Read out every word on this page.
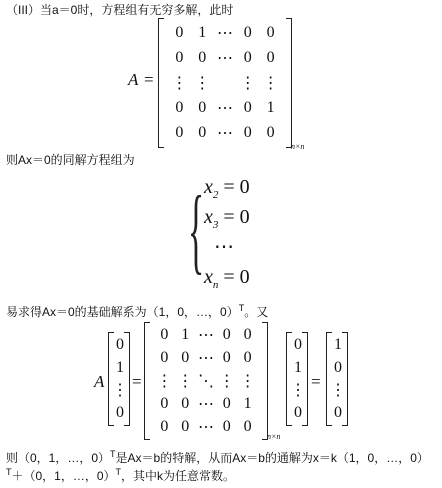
（III）当a＝0时，方程组有无穷多解，此时
A =
0 1 ⋯ 0 0
0 0 ⋯ 0 0
⋮ ⋮ ⋮ ⋮
0 0 ⋯ 0 1
0 0 ⋯ 0 0
n×n
则Ax＝0的同解方程组为
{ $x_2 = 0$
$x_3 = 0$
⋯
$x_n = 0$
易求得Ax＝0的基础解系为（1，0，…，0）$^T$。又
A
0
1
⋮
0
=
0 1 ⋯ 0 0
0 0 ⋯ 0 0
⋮ ⋮ ⋱ ⋮ ⋮
0 0 ⋯ 0 1
0 0 ⋯ 0 0
n×n
0
1
⋮
0
=
1
0
⋮
0
则（0，1，…，0）$^T$是Ax＝b的特解，从而Ax＝b的通解为x＝k（1，0，…，0）
$^T$＋（0，1，…，0）$^T$，其中k为任意常数。
